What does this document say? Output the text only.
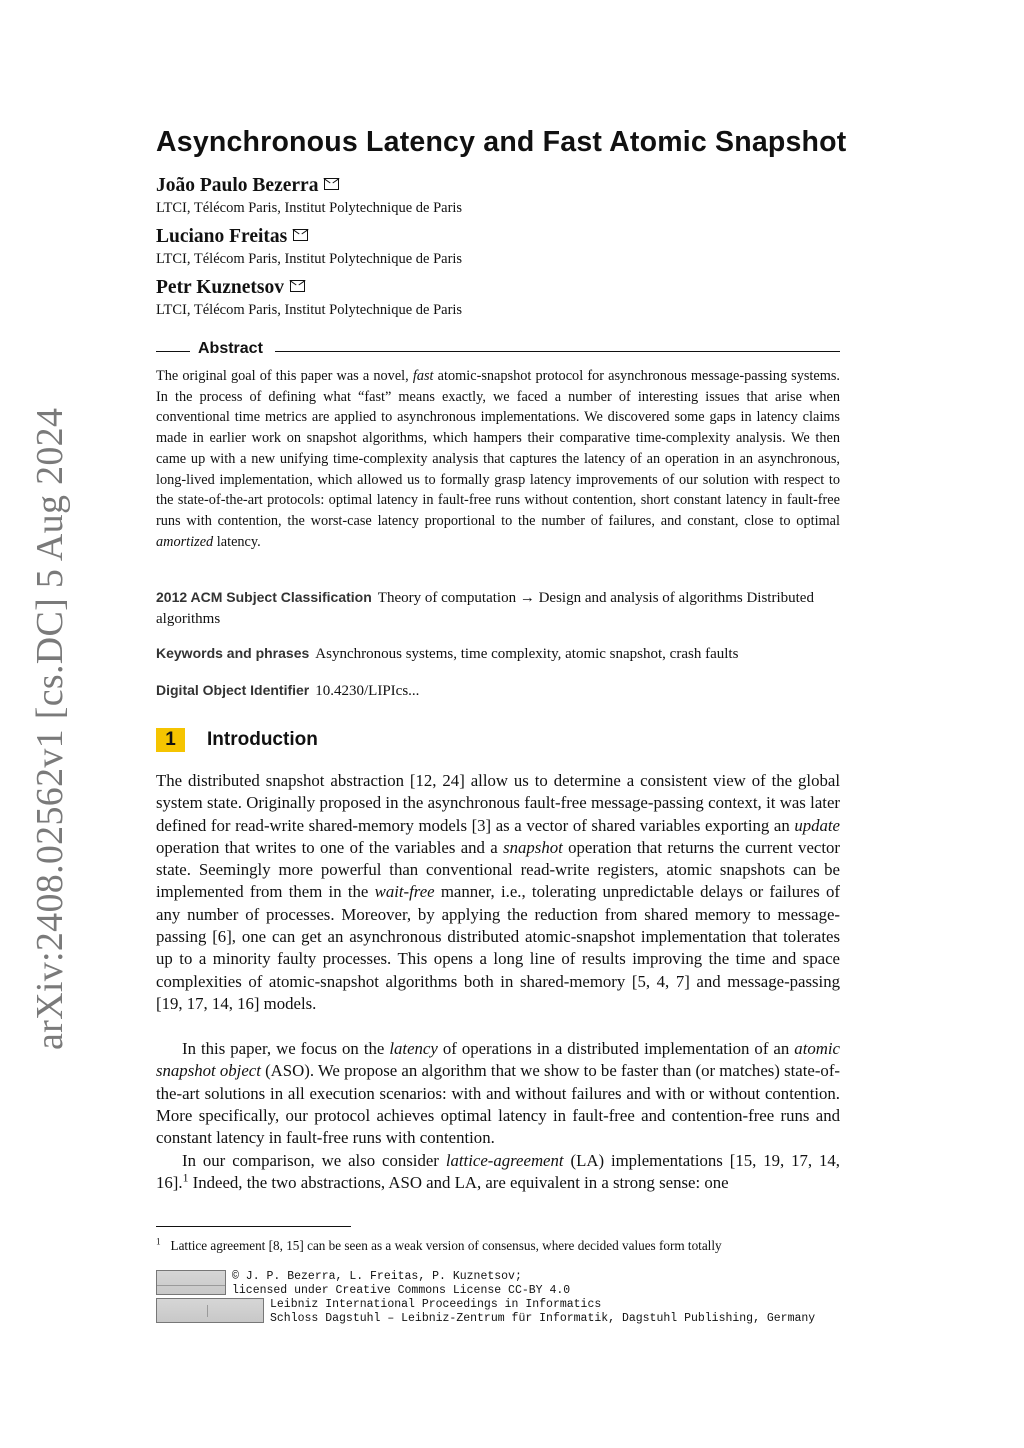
arXiv:2408.02562v1 [cs.DC] 5 Aug 2024
Asynchronous Latency and Fast Atomic Snapshot
João Paulo Bezerra
LTCI, Télécom Paris, Institut Polytechnique de Paris
Luciano Freitas
LTCI, Télécom Paris, Institut Polytechnique de Paris
Petr Kuznetsov
LTCI, Télécom Paris, Institut Polytechnique de Paris
Abstract
The original goal of this paper was a novel, fast atomic-snapshot protocol for asynchronous message-passing systems. In the process of defining what “fast” means exactly, we faced a number of interesting issues that arise when conventional time metrics are applied to asynchronous implementations. We discovered some gaps in latency claims made in earlier work on snapshot algorithms, which hampers their comparative time-complexity analysis. We then came up with a new unifying time-complexity analysis that captures the latency of an operation in an asynchronous, long-lived implementation, which allowed us to formally grasp latency improvements of our solution with respect to the state-of-the-art protocols: optimal latency in fault-free runs without contention, short constant latency in fault-free runs with contention, the worst-case latency proportional to the number of failures, and constant, close to optimal amortized latency.
2012 ACM Subject Classification Theory of computation → Design and analysis of algorithms Distributed algorithms
Keywords and phrases Asynchronous systems, time complexity, atomic snapshot, crash faults
Digital Object Identifier 10.4230/LIPIcs...
1	Introduction
The distributed snapshot abstraction [12, 24] allow us to determine a consistent view of the global system state. Originally proposed in the asynchronous fault-free message-passing context, it was later defined for read-write shared-memory models [3] as a vector of shared variables exporting an update operation that writes to one of the variables and a snapshot operation that returns the current vector state. Seemingly more powerful than conventional read-write registers, atomic snapshots can be implemented from them in the wait-free manner, i.e., tolerating unpredictable delays or failures of any number of processes. Moreover, by applying the reduction from shared memory to message-passing [6], one can get an asynchronous distributed atomic-snapshot implementation that tolerates up to a minority faulty processes. This opens a long line of results improving the time and space complexities of atomic-snapshot algorithms both in shared-memory [5, 4, 7] and message-passing [19, 17, 14, 16] models.
In this paper, we focus on the latency of operations in a distributed implementation of an atomic snapshot object (ASO). We propose an algorithm that we show to be faster than (or matches) state-of-the-art solutions in all execution scenarios: with and without failures and with or without contention. More specifically, our protocol achieves optimal latency in fault-free and contention-free runs and constant latency in fault-free runs with contention.
In our comparison, we also consider lattice-agreement (LA) implementations [15, 19, 17, 14, 16].$^1$ Indeed, the two abstractions, ASO and LA, are equivalent in a strong sense: one
$^1$ Lattice agreement [8, 15] can be seen as a weak version of consensus, where decided values form totally
© J. P. Bezerra, L. Freitas, P. Kuznetsov;
licensed under Creative Commons License CC-BY 4.0
Leibniz International Proceedings in Informatics
Schloss Dagstuhl – Leibniz-Zentrum für Informatik, Dagstuhl Publishing, Germany
